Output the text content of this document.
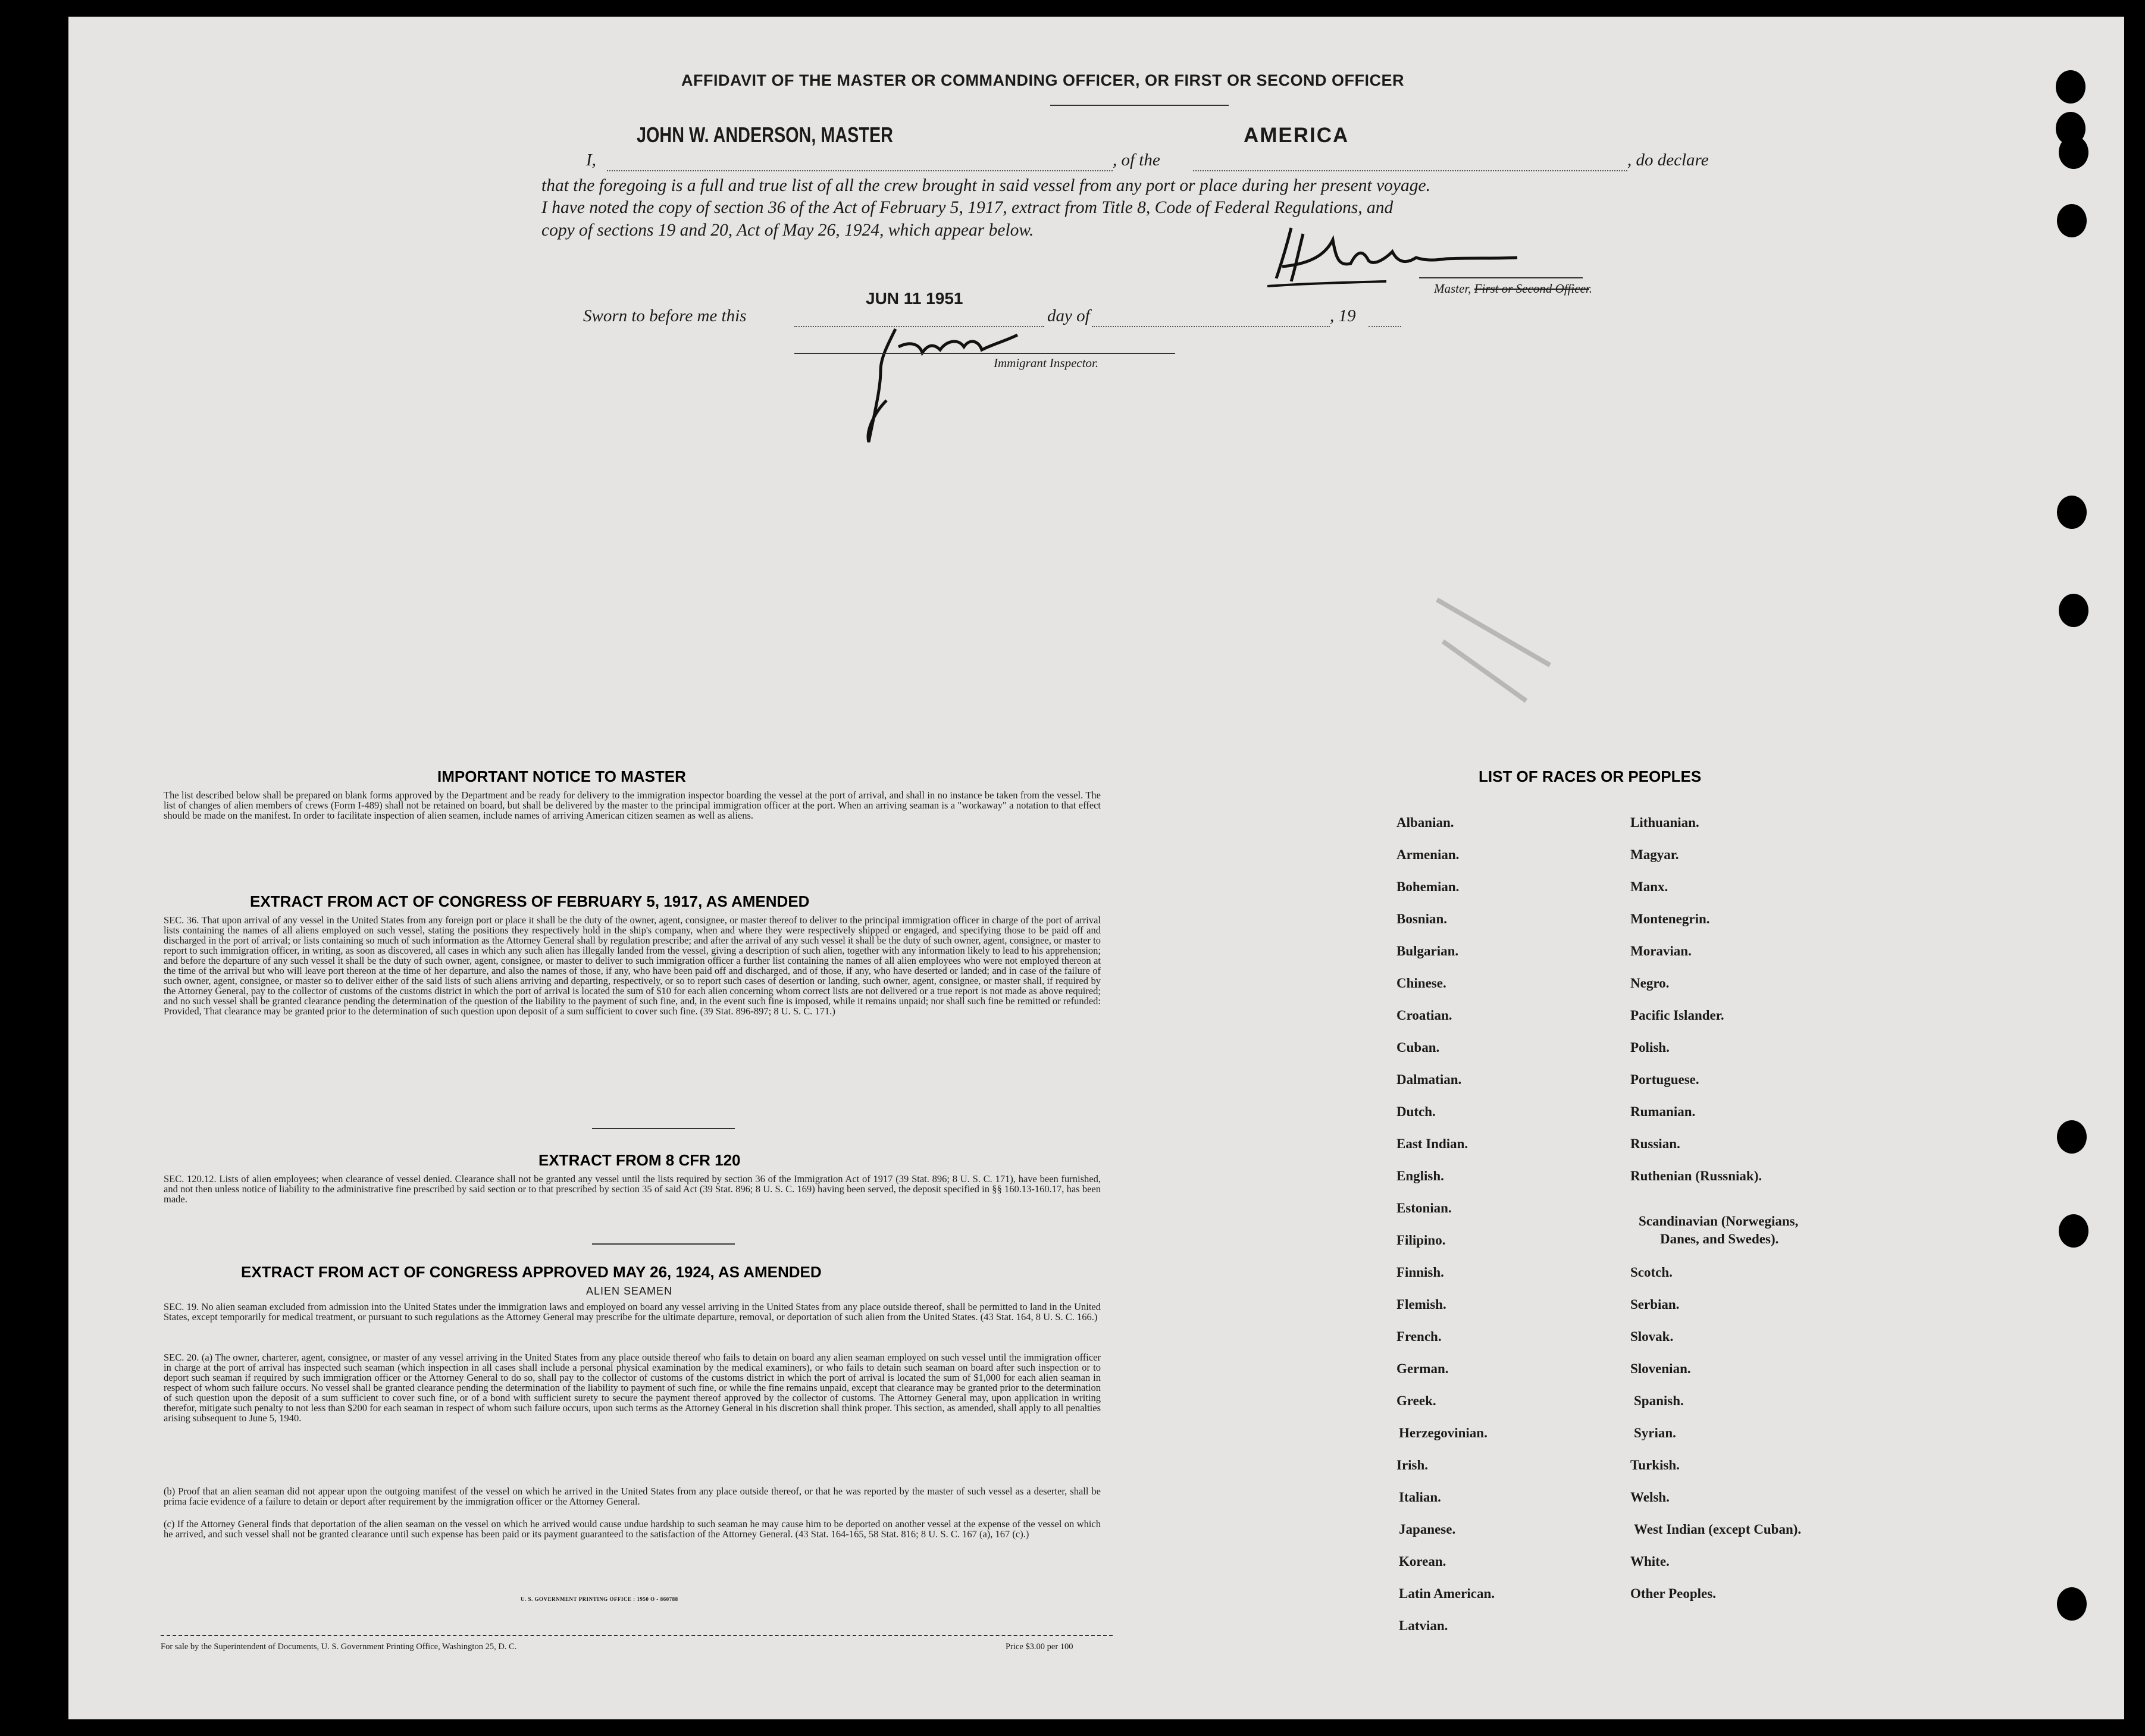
AFFIDAVIT OF THE MASTER OR COMMANDING OFFICER, OR FIRST OR SECOND OFFICER
I,
JOHN W. ANDERSON, MASTER
, of the
AMERICA
, do declare
that the foregoing is a full and true list of all the crew brought in said vessel from any port or place during her present voyage.
I have noted the copy of section 36 of the Act of February 5, 1917, extract from Title 8, Code of Federal Regulations, and
copy of sections 19 and 20, Act of May 26, 1924, which appear below.
Master, First or Second Officer.
Sworn to before me this
JUN 11 1951
day of	, 19
Immigrant Inspector.
IMPORTANT NOTICE TO MASTER
The list described below shall be prepared on blank forms approved by the Department and be ready for delivery to the immigration inspector boarding the vessel at the port of arrival, and shall in no instance be taken from the vessel. The list of changes of alien members of crews (Form I-489) shall not be retained on board, but shall be delivered by the master to the principal immigration officer at the port. When an arriving seaman is a "workaway" a notation to that effect should be made on the manifest. In order to facilitate inspection of alien seamen, include names of arriving American citizen seamen as well as aliens.
EXTRACT FROM ACT OF CONGRESS OF FEBRUARY 5, 1917, AS AMENDED
SEC. 36. That upon arrival of any vessel in the United States from any foreign port or place it shall be the duty of the owner, agent, consignee, or master thereof to deliver to the principal immigration officer in charge of the port of arrival lists containing the names of all aliens employed on such vessel, stating the positions they respectively hold in the ship's company, when and where they were respectively shipped or engaged, and specifying those to be paid off and discharged in the port of arrival; or lists containing so much of such information as the Attorney General shall by regulation prescribe; and after the arrival of any such vessel it shall be the duty of such owner, agent, consignee, or master to report to such immigration officer, in writing, as soon as discovered, all cases in which any such alien has illegally landed from the vessel, giving a description of such alien, together with any information likely to lead to his apprehension; and before the departure of any such vessel it shall be the duty of such owner, agent, consignee, or master to deliver to such immigration officer a further list containing the names of all alien employees who were not employed thereon at the time of the arrival but who will leave port thereon at the time of her departure, and also the names of those, if any, who have been paid off and discharged, and of those, if any, who have deserted or landed; and in case of the failure of such owner, agent, consignee, or master so to deliver either of the said lists of such aliens arriving and departing, respectively, or so to report such cases of desertion or landing, such owner, agent, consignee, or master shall, if required by the Attorney General, pay to the collector of customs of the customs district in which the port of arrival is located the sum of $10 for each alien concerning whom correct lists are not delivered or a true report is not made as above required; and no such vessel shall be granted clearance pending the determination of the question of the liability to the payment of such fine, and, in the event such fine is imposed, while it remains unpaid; nor shall such fine be remitted or refunded: Provided, That clearance may be granted prior to the determination of such question upon deposit of a sum sufficient to cover such fine. (39 Stat. 896-897; 8 U. S. C. 171.)
EXTRACT FROM 8 CFR 120
SEC. 120.12. Lists of alien employees; when clearance of vessel denied. Clearance shall not be granted any vessel until the lists required by section 36 of the Immigration Act of 1917 (39 Stat. 896; 8 U. S. C. 171), have been furnished, and not then unless notice of liability to the administrative fine prescribed by said section or to that prescribed by section 35 of said Act (39 Stat. 896; 8 U. S. C. 169) having been served, the deposit specified in §§ 160.13-160.17, has been made.
EXTRACT FROM ACT OF CONGRESS APPROVED MAY 26, 1924, AS AMENDED
ALIEN SEAMEN
SEC. 19. No alien seaman excluded from admission into the United States under the immigration laws and employed on board any vessel arriving in the United States from any place outside thereof, shall be permitted to land in the United States, except temporarily for medical treatment, or pursuant to such regulations as the Attorney General may prescribe for the ultimate departure, removal, or deportation of such alien from the United States. (43 Stat. 164, 8 U. S. C. 166.)
SEC. 20. (a) The owner, charterer, agent, consignee, or master of any vessel arriving in the United States from any place outside thereof who fails to detain on board any alien seaman employed on such vessel until the immigration officer in charge at the port of arrival has inspected such seaman (which inspection in all cases shall include a personal physical examination by the medical examiners), or who fails to detain such seaman on board after such inspection or to deport such seaman if required by such immigration officer or the Attorney General to do so, shall pay to the collector of customs of the customs district in which the port of arrival is located the sum of $1,000 for each alien seaman in respect of whom such failure occurs. No vessel shall be granted clearance pending the determination of the liability to payment of such fine, or while the fine remains unpaid, except that clearance may be granted prior to the determination of such question upon the deposit of a sum sufficient to cover such fine, or of a bond with sufficient surety to secure the payment thereof approved by the collector of customs. The Attorney General may, upon application in writing therefor, mitigate such penalty to not less than $200 for each seaman in respect of whom such failure occurs, upon such terms as the Attorney General in his discretion shall think proper. This section, as amended, shall apply to all penalties arising subsequent to June 5, 1940.
(b) Proof that an alien seaman did not appear upon the outgoing manifest of the vessel on which he arrived in the United States from any place outside thereof, or that he was reported by the master of such vessel as a deserter, shall be prima facie evidence of a failure to detain or deport after requirement by the immigration officer or the Attorney General.
(c) If the Attorney General finds that deportation of the alien seaman on the vessel on which he arrived would cause undue hardship to such seaman he may cause him to be deported on another vessel at the expense of the vessel on which he arrived, and such vessel shall not be granted clearance until such expense has been paid or its payment guaranteed to the satisfaction of the Attorney General. (43 Stat. 164-165, 58 Stat. 816; 8 U. S. C. 167 (a), 167 (c).)
U. S. GOVERNMENT PRINTING OFFICE : 1950 O - 860788
For sale by the Superintendent of Documents, U. S. Government Printing Office, Washington 25, D. C.	Price $3.00 per 100
LIST OF RACES OR PEOPLES
Albanian.
Armenian.
Bohemian.
Bosnian.
Bulgarian.
Chinese.
Croatian.
Cuban.
Dalmatian.
Dutch.
East Indian.
English.
Estonian.
Filipino.
Finnish.
Flemish.
French.
German.
Greek.
Herzegovinian.
Irish.
Italian.
Japanese.
Korean.
Latin American.
Latvian.
Lithuanian.
Magyar.
Manx.
Montenegrin.
Moravian.
Negro.
Pacific Islander.
Polish.
Portuguese.
Rumanian.
Russian.
Ruthenian (Russniak).
Scandinavian (Norwegians,
Danes, and Swedes).
Scotch.
Serbian.
Slovak.
Slovenian.
Spanish.
Syrian.
Turkish.
Welsh.
West Indian (except Cuban).
White.
Other Peoples.
